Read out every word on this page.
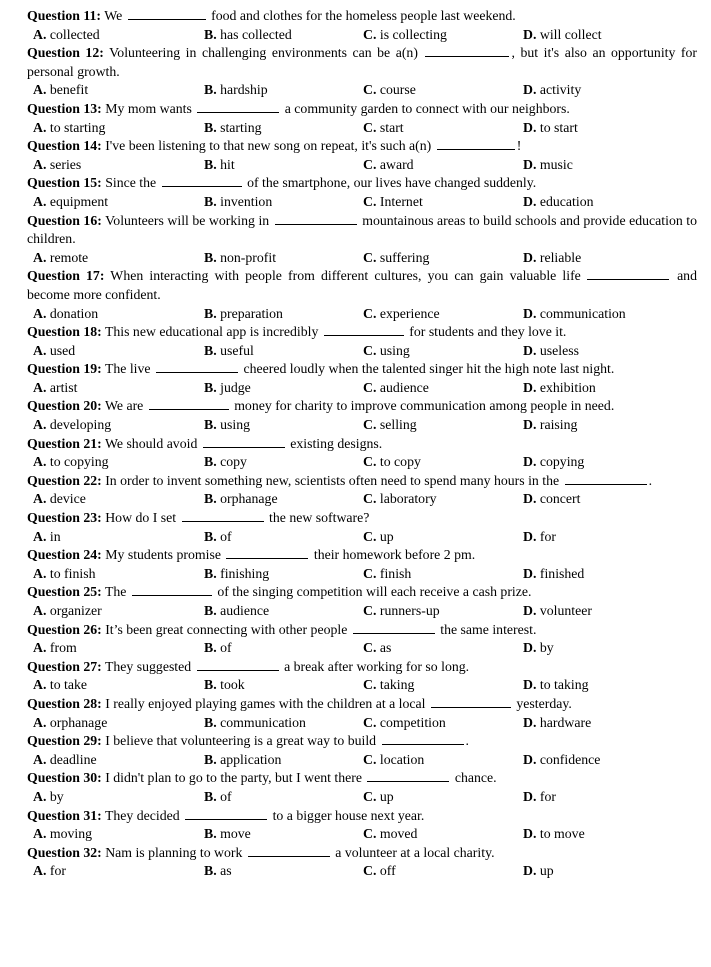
Question 11: We	food and clothes for the homeless people last weekend.
A. collected	B. has collected	C. is collecting	D. will collect
Question 12: Volunteering in challenging environments can be a(n)	, but it's also an opportunity for personal growth.
A. benefit	B. hardship	C. course	D. activity
Question 13: My mom wants	a community garden to connect with our neighbors.
A. to starting	B. starting	C. start	D. to start
Question 14: I've been listening to that new song on repeat, it's such a(n)	!
A. series	B. hit	C. award	D. music
Question 15: Since the	of the smartphone, our lives have changed suddenly.
A. equipment	B. invention	C. Internet	D. education
Question 16: Volunteers will be working in	mountainous areas to build schools and provide education to children.
A. remote	B. non-profit	C. suffering	D. reliable
Question 17: When interacting with people from different cultures, you can gain valuable life	and become more confident.
A. donation	B. preparation	C. experience	D. communication
Question 18: This new educational app is incredibly	for students and they love it.
A. used	B. useful	C. using	D. useless
Question 19: The live	cheered loudly when the talented singer hit the high note last night.
A. artist	B. judge	C. audience	D. exhibition
Question 20: We are	money for charity to improve communication among people in need.
A. developing	B. using	C. selling	D. raising
Question 21: We should avoid	existing designs.
A. to copying	B. copy	C. to copy	D. copying
Question 22: In order to invent something new, scientists often need to spend many hours in the	.
A. device	B. orphanage	C. laboratory	D. concert
Question 23: How do I set	the new software?
A. in	B. of	C. up	D. for
Question 24: My students promise	their homework before 2 pm.
A. to finish	B. finishing	C. finish	D. finished
Question 25: The	of the singing competition will each receive a cash prize.
A. organizer	B. audience	C. runners-up	D. volunteer
Question 26: It’s been great connecting with other people	the same interest.
A. from	B. of	C. as	D. by
Question 27: They suggested	a break after working for so long.
A. to take	B. took	C. taking	D. to taking
Question 28: I really enjoyed playing games with the children at a local	yesterday.
A. orphanage	B. communication	C. competition	D. hardware
Question 29: I believe that volunteering is a great way to build	.
A. deadline	B. application	C. location	D. confidence
Question 30: I didn't plan to go to the party, but I went there	chance.
A. by	B. of	C. up	D. for
Question 31: They decided	to a bigger house next year.
A. moving	B. move	C. moved	D. to move
Question 32: Nam is planning to work	a volunteer at a local charity.
A. for	B. as	C. off	D. up
